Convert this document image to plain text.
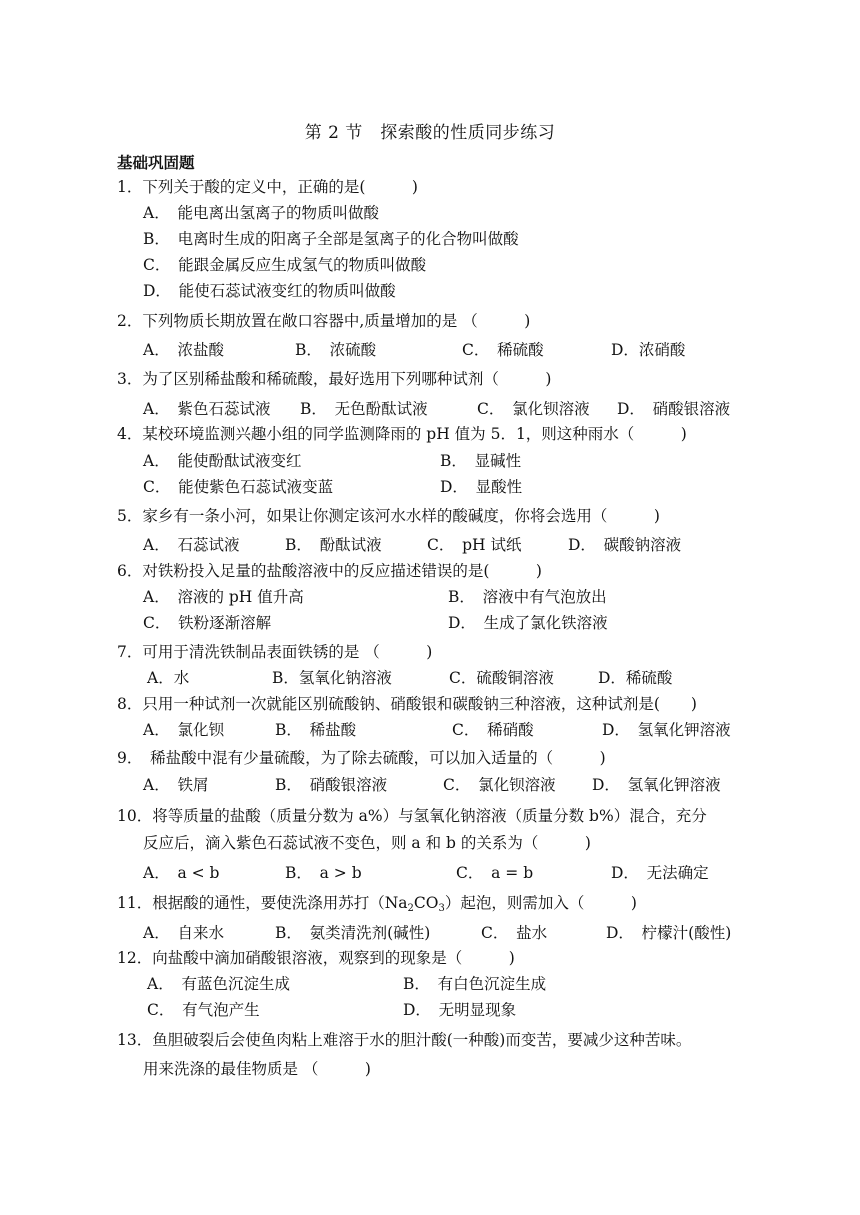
第 2 节　探索酸的性质同步练习
基础巩固题
1．下列关于酸的定义中，正确的是(　　　)
A．　能电离出氢离子的物质叫做酸
B．　电离时生成的阳离子全部是氢离子的化合物叫做酸
C．　能跟金属反应生成氢气的物质叫做酸
D．　能使石蕊试液变红的物质叫做酸
2．下列物质长期放置在敞口容器中,质量增加的是 （　　　)
A．　浓盐酸	B．　浓硫酸	C．　稀硫酸	D．浓硝酸
3．为了区别稀盐酸和稀硫酸，最好选用下列哪种试剂（　　　)
A．　紫色石蕊试液 B．　无色酚酞试液	C．　氯化钡溶液 D．　硝酸银溶液
4．某校环境监测兴趣小组的同学监测降雨的 pH 值为 5．1，则这种雨水（　　　)
A．　能使酚酞试液变红	B．　显碱性
C．　能使紫色石蕊试液变蓝	D．　显酸性
5．家乡有一条小河，如果让你测定该河水水样的酸碱度，你将会选用（　　　)
A．　石蕊试液	B．　酚酞试液	C．　pH 试纸	D．　碳酸钠溶液
6．对铁粉投入足量的盐酸溶液中的反应描述错误的是(　　　)
A．　溶液的 pH 值升高	B．　溶液中有气泡放出
C．　铁粉逐渐溶解	D．　生成了氯化铁溶液
7．可用于清洗铁制品表面铁锈的是 （　　　)
A．水	B．氢氧化钠溶液	C．硫酸铜溶液	D．稀硫酸
8．只用一种试剂一次就能区别硫酸钠、硝酸银和碳酸钠三种溶液，这种试剂是(　　)
A．　氯化钡	B．　稀盐酸	C．　稀硝酸	D．　氢氧化钾溶液
9．　稀盐酸中混有少量硫酸，为了除去硫酸，可以加入适量的（　　　)
A．　铁屑	B．　硝酸银溶液	C．　氯化钡溶液 D．　氢氧化钾溶液
10．将等质量的盐酸（质量分数为 a%）与氢氧化钠溶液（质量分数 b%）混合，充分
反应后，滴入紫色石蕊试液不变色，则 a 和 b 的关系为（　　　)
A．　a < b	B．　a > b	C．　a = b	D．　无法确定
11．根据酸的通性，要使洗涤用苏打$(Na_2CO_3)$起泡，则需加入（　　　)
A．　自来水	B．　氨类清洗剂(碱性)	C．　盐水	D．　柠檬汁(酸性)
12．向盐酸中滴加硝酸银溶液，观察到的现象是（　　　)
A．　有蓝色沉淀生成	B．　有白色沉淀生成
C．　有气泡产生	D．　无明显现象
13．鱼胆破裂后会使鱼肉粘上难溶于水的胆汁酸(一种酸)而变苦，要减少这种苦味。
用来洗涤的最佳物质是 （　　　)
